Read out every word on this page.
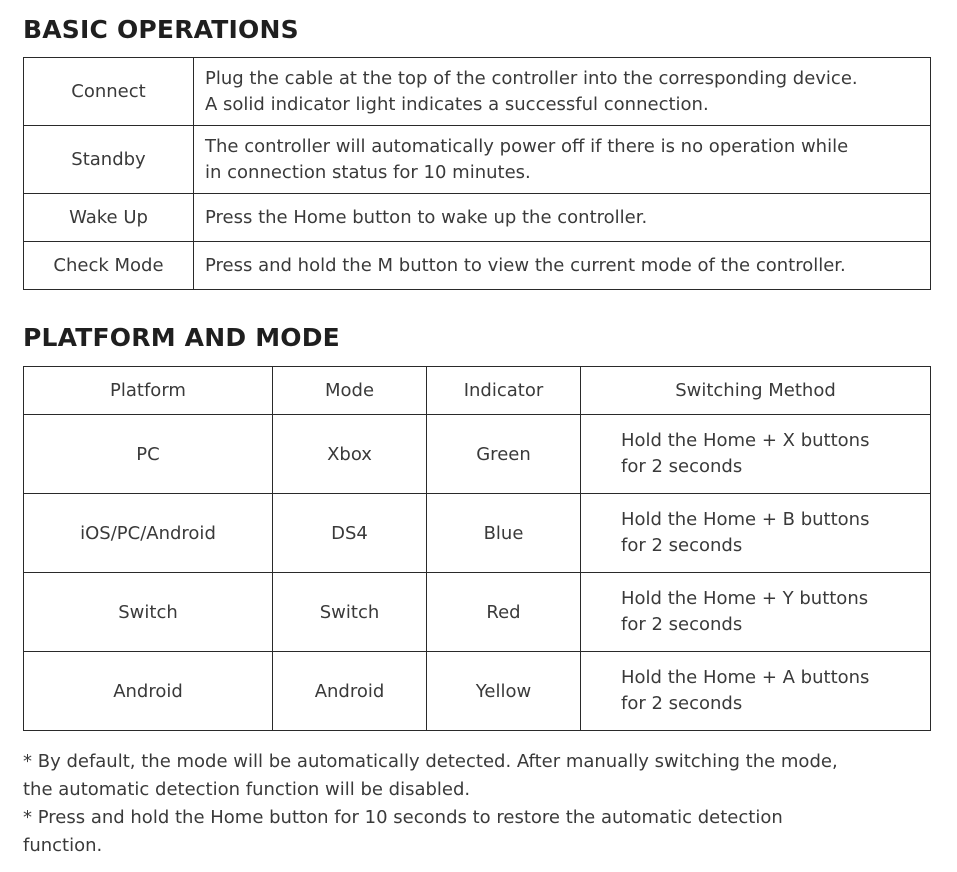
BASIC OPERATIONS
Connect	Plug the cable at the top of the controller into the corresponding device.
A solid indicator light indicates a successful connection.
Standby	The controller will automatically power off if there is no operation while
in connection status for 10 minutes.
Wake Up	Press the Home button to wake up the controller.
Check Mode	Press and hold the M button to view the current mode of the controller.
PLATFORM AND MODE
Platform	Mode	Indicator	Switching Method
PC	Xbox	Green	Hold the Home + X buttons
for 2 seconds
iOS/PC/Android	DS4	Blue	Hold the Home + B buttons
for 2 seconds
Switch	Switch	Red	Hold the Home + Y buttons
for 2 seconds
Android	Android	Yellow	Hold the Home + A buttons
for 2 seconds

* By default, the mode will be automatically detected. After manually switching the mode,
the automatic detection function will be disabled.

* Press and hold the Home button for 10 seconds to restore the automatic detection
function.
